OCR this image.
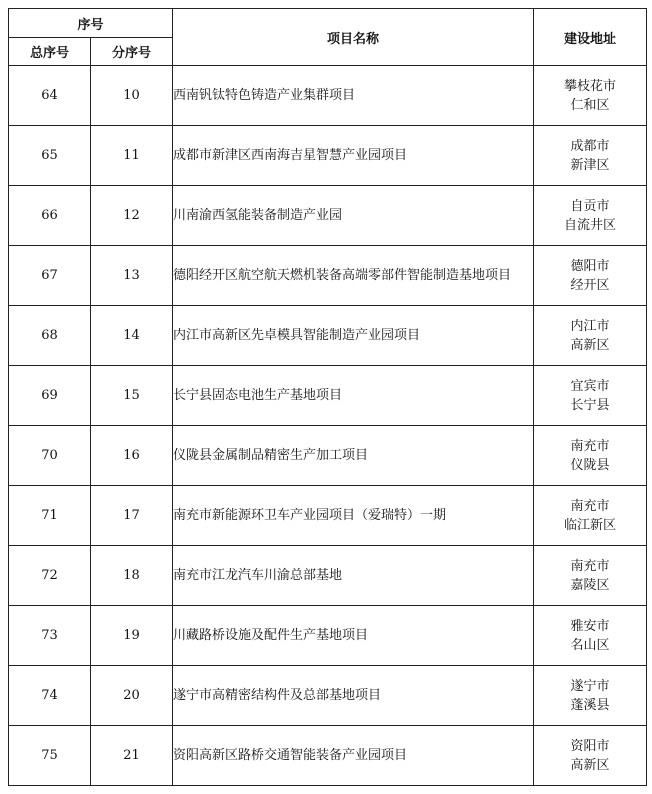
序号		项目名称	建设地址
总序号	分序号		
64	10	西南钒钛特色铸造产业集群项目	攀枝花市
仁和区

65	11	成都市新津区西南海吉星智慧产业园项目	成都市
新津区

66	12	川南渝西氢能装备制造产业园	自贡市
自流井区

67	13	德阳经开区航空航天燃机装备高端零部件智能制造基地项目	德阳市
经开区

68	14	内江市高新区先卓模具智能制造产业园项目	内江市
高新区

69	15	长宁县固态电池生产基地项目	宜宾市
长宁县

70	16	仪陇县金属制品精密生产加工项目	南充市
仪陇县

71	17	南充市新能源环卫车产业园项目（爱瑞特）一期	南充市
临江新区

72	18	南充市江龙汽车川渝总部基地	南充市
嘉陵区

73	19	川藏路桥设施及配件生产基地项目	雅安市
名山区

74	20	遂宁市高精密结构件及总部基地项目	遂宁市
蓬溪县

75	21	资阳高新区路桥交通智能装备产业园项目	资阳市
高新区
